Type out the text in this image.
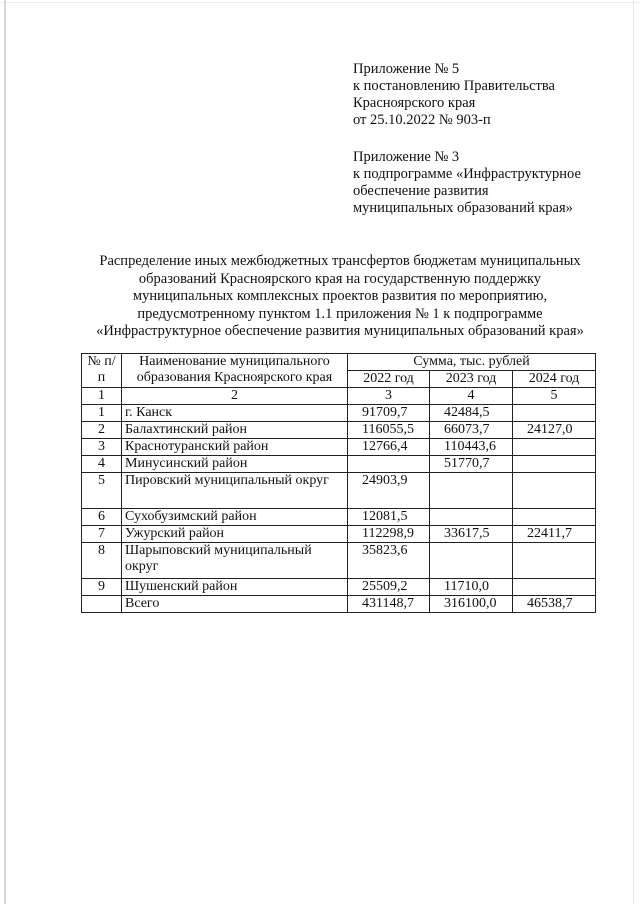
Приложение № 5
к постановлению Правительства
Красноярского края
от 25.10.2022 № 903-п
Приложение № 3
к подпрограмме «Инфраструктурное
обеспечение развития
муниципальных образований края»
Распределение иных межбюджетных трансфертов бюджетам муниципальных
образований Красноярского края на государственную поддержку
муниципальных комплексных проектов развития по мероприятию,
предусмотренному пунктом 1.1 приложения № 1 к подпрограмме
«Инфраструктурное обеспечение развития муниципальных образований края»
№ п/п	Наименование муниципального образования Красноярского края	Сумма, тыс. рублей		
		2022 год	2023 год	2024 год
1	2	3	4	5
1	г. Канск	91709,7	42484,5	
2	Балахтинский район	116055,5	66073,7	24127,0
3	Краснотуранский район	12766,4	110443,6	
4	Минусинский район		51770,7	
5	Пировский муниципальный округ	24903,9		
6	Сухобузимский район	12081,5		
7	Ужурский район	112298,9	33617,5	22411,7
8	Шарыповский муниципальный округ	35823,6		
9	Шушенский район	25509,2	11710,0	
	Всего	431148,7	316100,0	46538,7
